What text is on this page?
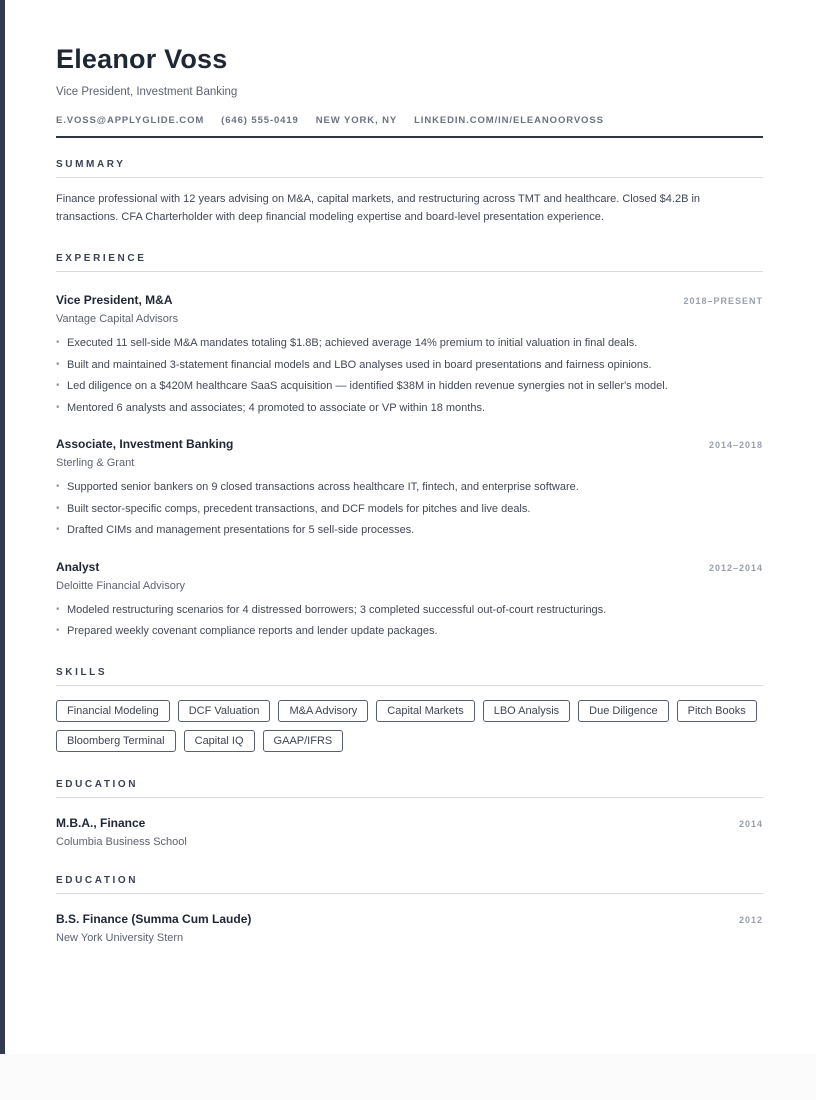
Eleanor Voss
Vice President, Investment Banking
E.VOSS@APPLYGLIDE.COM (646) 555-0419 NEW YORK, NY LINKEDIN.COM/IN/ELEANOORVOSS
SUMMARY
Finance professional with 12 years advising on M&A, capital markets, and restructuring across TMT and healthcare. Closed $4.2B in transactions. CFA Charterholder with deep financial modeling expertise and board-level presentation experience.
EXPERIENCE
Vice President, M&A	2018–PRESENT
Vantage Capital Advisors
• Executed 11 sell-side M&A mandates totaling $1.8B; achieved average 14% premium to initial valuation in final deals.
• Built and maintained 3-statement financial models and LBO analyses used in board presentations and fairness opinions.
• Led diligence on a $420M healthcare SaaS acquisition — identified $38M in hidden revenue synergies not in seller's model.
• Mentored 6 analysts and associates; 4 promoted to associate or VP within 18 months.
Associate, Investment Banking	2014–2018
Sterling & Grant
• Supported senior bankers on 9 closed transactions across healthcare IT, fintech, and enterprise software.
• Built sector-specific comps, precedent transactions, and DCF models for pitches and live deals.
• Drafted CIMs and management presentations for 5 sell-side processes.
Analyst	2012–2014
Deloitte Financial Advisory
• Modeled restructuring scenarios for 4 distressed borrowers; 3 completed successful out-of-court restructurings.
• Prepared weekly covenant compliance reports and lender update packages.
SKILLS
Financial Modeling	DCF Valuation	M&A Advisory	Capital Markets	LBO Analysis	Due Diligence	Pitch Books
Bloomberg Terminal	Capital IQ	GAAP/IFRS
EDUCATION
M.B.A., Finance	2014
Columbia Business School
EDUCATION
B.S. Finance (Summa Cum Laude)	2012
New York University Stern
